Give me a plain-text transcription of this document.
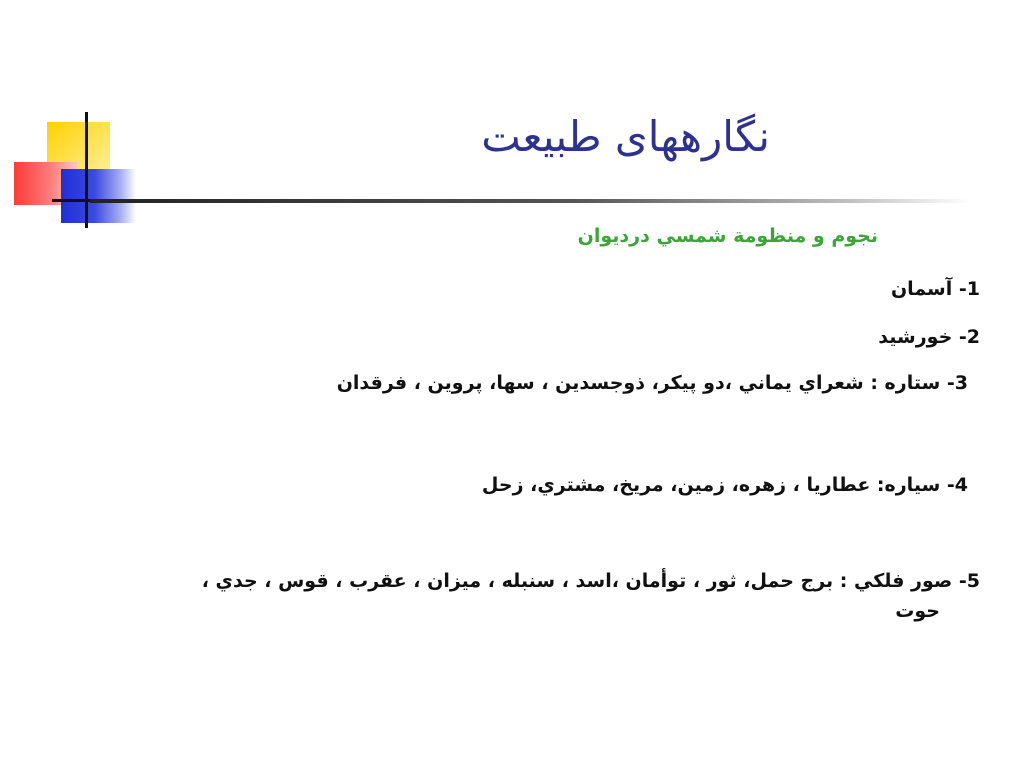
نگارههای طبیعت
نجوم و منظومة شمسي درديوان
1- آسمان
2- خورشيد
3- ستاره : شعراي يماني ،دو پيكر، ذوجسدين ، سها، پروين ، فرقدان
4- سياره: عطاريا ، زهره، زمين، مريخ، مشتري، زحل
5- صور فلكي : برج حمل، ثور ، توأمان ،اسد ، سنبله ، ميزان ، عقرب ، قوس ، جدي ،
حوت
